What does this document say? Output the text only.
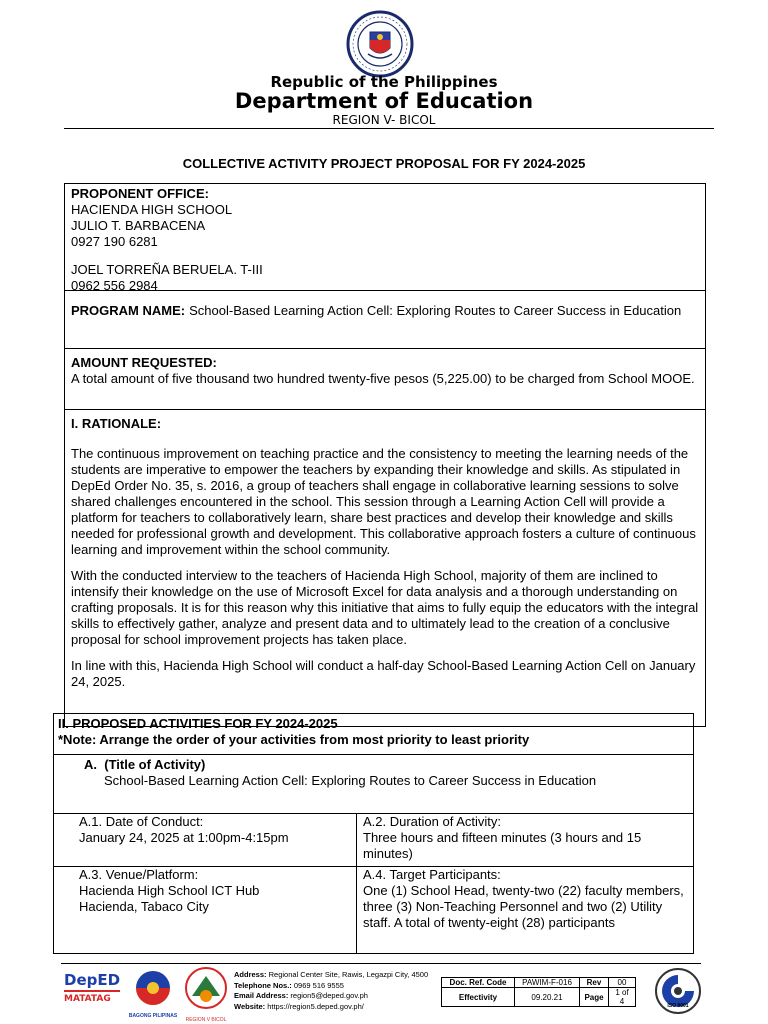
Republic of the Philippines
Department of Education
REGION V- BICOL
COLLECTIVE ACTIVITY PROJECT PROPOSAL FOR FY 2024-2025
PROPONENT OFFICE:
HACIENDA HIGH SCHOOL
JULIO T. BARBACENA
0927 190 6281
JOEL TORREÑA BERUELA. T-III
0962 556 2984
PROGRAM NAME: School-Based Learning Action Cell: Exploring Routes to Career Success in Education
AMOUNT REQUESTED:
A total amount of five thousand two hundred twenty-five pesos (5,225.00) to be charged from School MOOE.
I. RATIONALE:

The continuous improvement on teaching practice and the consistency to meeting the learning needs of the students are imperative to empower the teachers by expanding their knowledge and skills. As stipulated in DepEd Order No. 35, s. 2016, a group of teachers shall engage in collaborative learning sessions to solve shared challenges encountered in the school. This session through a Learning Action Cell will provide a platform for teachers to collaboratively learn, share best practices and develop their knowledge and skills needed for professional growth and development. This collaborative approach fosters a culture of continuous learning and improvement within the school community.

With the conducted interview to the teachers of Hacienda High School, majority of them are inclined to intensify their knowledge on the use of Microsoft Excel for data analysis and a thorough understanding on crafting proposals. It is for this reason why this initiative that aims to fully equip the educators with the integral skills to effectively gather, analyze and present data and to ultimately lead to the creation of a conclusive proposal for school improvement projects has taken place.

In line with this, Hacienda High School will conduct a half-day School-Based Learning Action Cell on January 24, 2025.

II. PROPOSED ACTIVITIES FOR FY 2024-2025
*Note: Arrange the order of your activities from most priority to least priority
A. (Title of Activity)
School-Based Learning Action Cell: Exploring Routes to Career Success in Education
A.1. Date of Conduct:
January 24, 2025 at 1:00pm-4:15pm
A.2. Duration of Activity:
Three hours and fifteen minutes (3 hours and 15 minutes)
A.3. Venue/Platform:
Hacienda High School ICT Hub
Hacienda, Tabaco City
A.4. Target Participants:
One (1) School Head, twenty-two (22) faculty members, three (3) Non-Teaching Personnel and two (2) Utility staff. A total of twenty-eight (28) participants
DepED
MATATAG
BAGONG PILIPINAS
REGION V BICOL
Address: Regional Center Site, Rawis, Legazpi City, 4500
Telephone Nos.: 0969 516 9555
Email Address: region5@deped.gov.ph
Website: https://region5.deped.gov.ph/
Doc. Ref. Code	PAWIM-F-016	Rev	00
Effectivity	09.20.21	Page	1 of 4	ISO 9001
